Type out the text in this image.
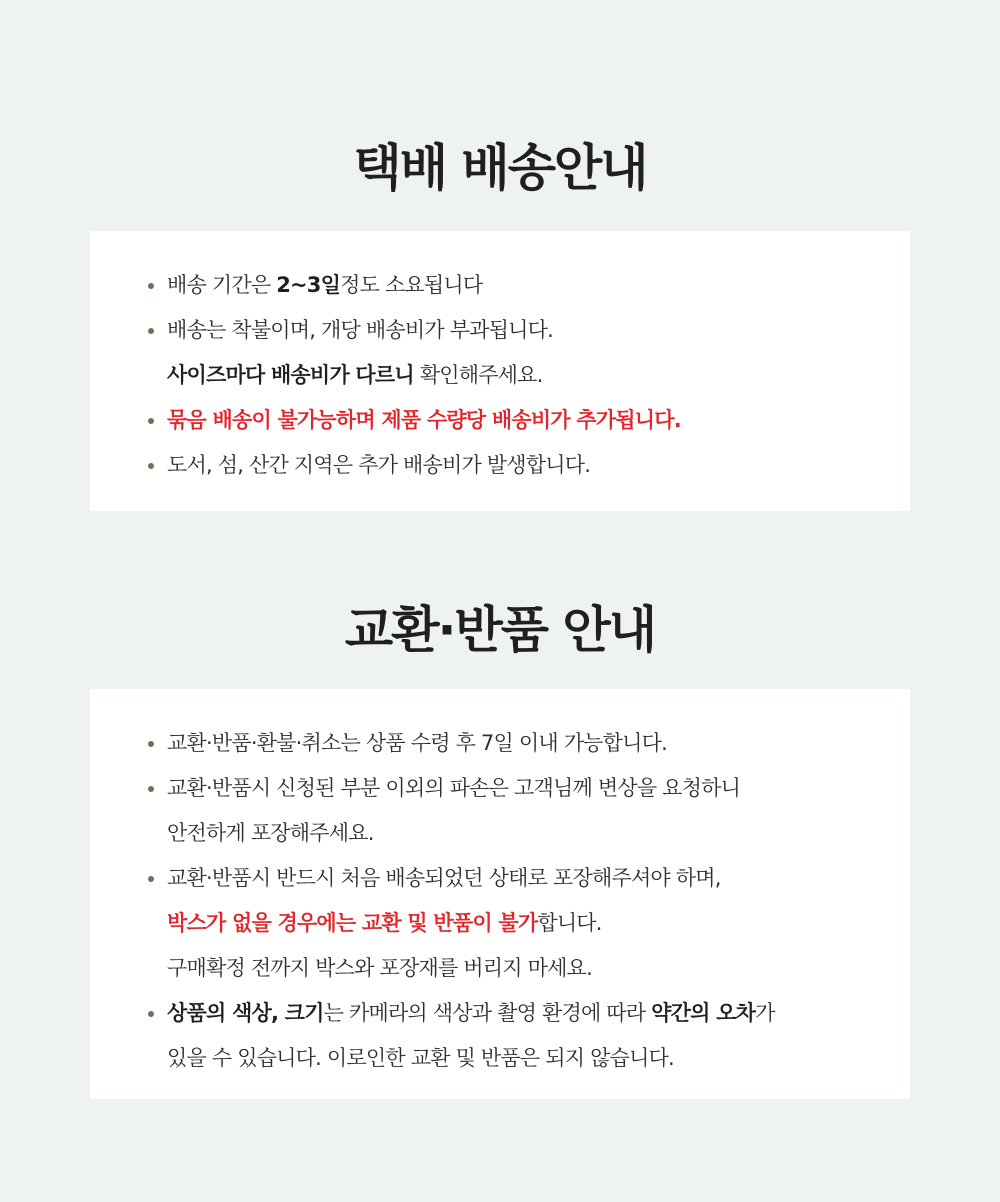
택배 배송안내
배송 기간은 2~3일정도 소요됩니다
배송는 착불이며, 개당 배송비가 부과됩니다.
사이즈마다 배송비가 다르니 확인해주세요.
묶음 배송이 불가능하며 제품 수량당 배송비가 추가됩니다.
도서, 섬, 산간 지역은 추가 배송비가 발생합니다.
교환·반품 안내
교환·반품·환불·취소는 상품 수령 후 7일 이내 가능합니다.
교환·반품시 신청된 부분 이외의 파손은 고객님께 변상을 요청하니
안전하게 포장해주세요.
교환·반품시 반드시 처음 배송되었던 상태로 포장해주셔야 하며,
박스가 없을 경우에는 교환 및 반품이 불가합니다.
구매확정 전까지 박스와 포장재를 버리지 마세요.
상품의 색상, 크기는 카메라의 색상과 촬영 환경에 따라 약간의 오차가
있을 수 있습니다. 이로인한 교환 및 반품은 되지 않습니다.
